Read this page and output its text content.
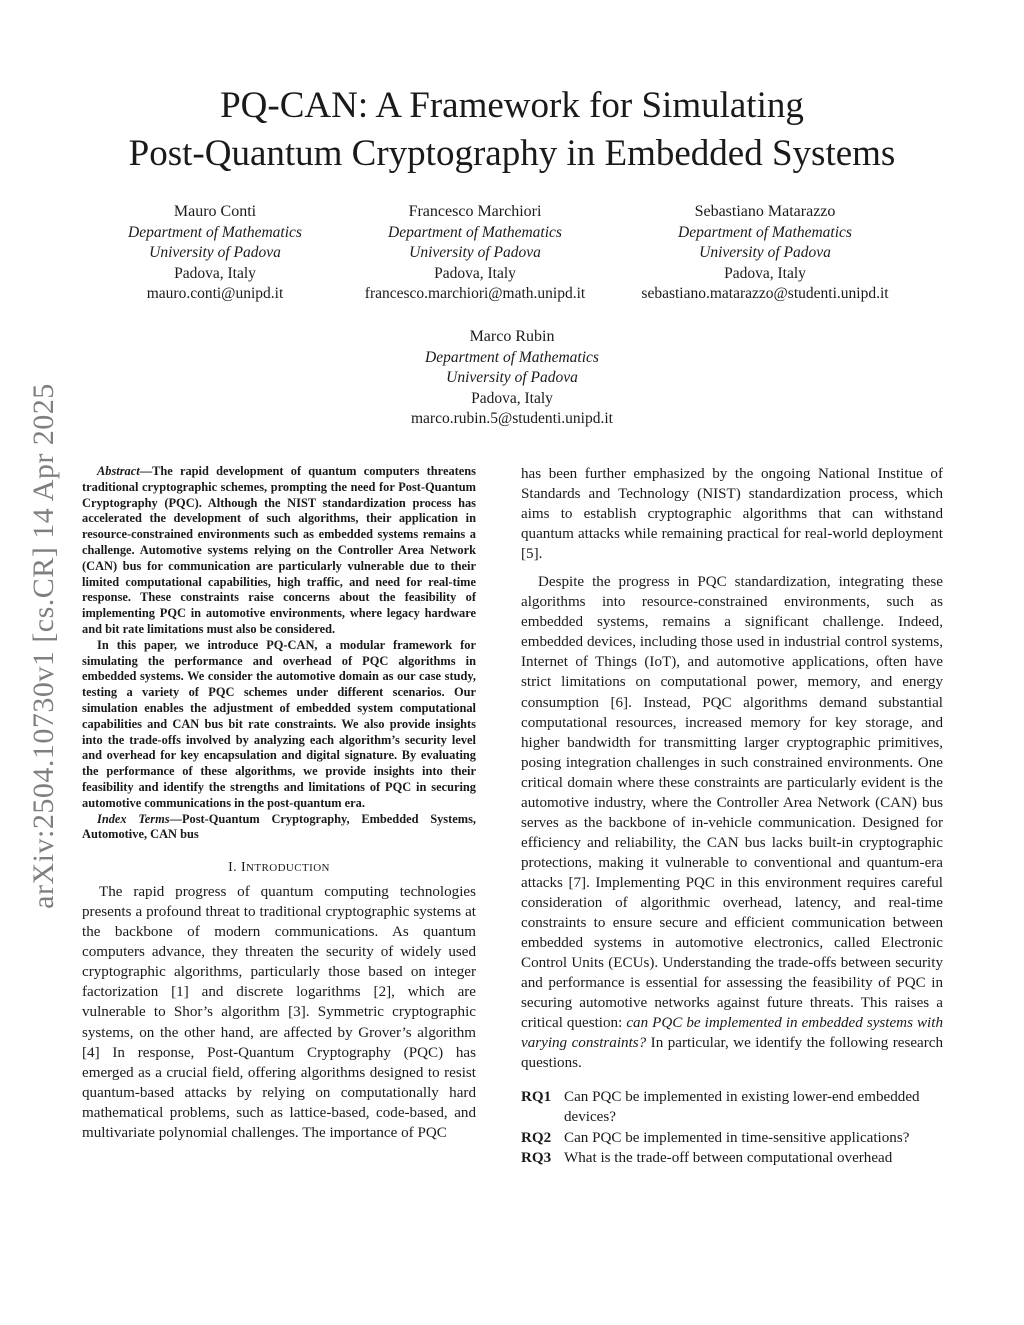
arXiv:2504.10730v1 [cs.CR] 14 Apr 2025
PQ-CAN: A Framework for Simulating
Post-Quantum Cryptography in Embedded Systems
Mauro Conti
Department of Mathematics
University of Padova
Padova, Italy
mauro.conti@unipd.it
Francesco Marchiori
Department of Mathematics
University of Padova
Padova, Italy
francesco.marchiori@math.unipd.it
Sebastiano Matarazzo
Department of Mathematics
University of Padova
Padova, Italy
sebastiano.matarazzo@studenti.unipd.it
Marco Rubin
Department of Mathematics
University of Padova
Padova, Italy
marco.rubin.5@studenti.unipd.it

Abstract—The rapid development of quantum computers threatens traditional cryptographic schemes, prompting the need for Post-Quantum Cryptography (PQC). Although the NIST standardization process has accelerated the development of such algorithms, their application in resource-constrained environments such as embedded systems remains a challenge. Automotive systems relying on the Controller Area Network (CAN) bus for communication are particularly vulnerable due to their limited computational capabilities, high traffic, and need for real-time response. These constraints raise concerns about the feasibility of implementing PQC in automotive environments, where legacy hardware and bit rate limitations must also be considered.

In this paper, we introduce PQ-CAN, a modular framework for simulating the performance and overhead of PQC algorithms in embedded systems. We consider the automotive domain as our case study, testing a variety of PQC schemes under different scenarios. Our simulation enables the adjustment of embedded system computational capabilities and CAN bus bit rate constraints. We also provide insights into the trade-offs involved by analyzing each algorithm’s security level and overhead for key encapsulation and digital signature. By evaluating the performance of these algorithms, we provide insights into their feasibility and identify the strengths and limitations of PQC in securing automotive communications in the post-quantum era.

Index Terms—Post-Quantum Cryptography, Embedded Systems, Automotive, CAN bus

I. INTRODUCTION

The rapid progress of quantum computing technologies presents a profound threat to traditional cryptographic systems at the backbone of modern communications. As quantum computers advance, they threaten the security of widely used cryptographic algorithms, particularly those based on integer factorization [1] and discrete logarithms [2], which are vulnerable to Shor’s algorithm [3]. Symmetric cryptographic systems, on the other hand, are affected by Grover’s algorithm [4] In response, Post-Quantum Cryptography (PQC) has emerged as a crucial field, offering algorithms designed to resist quantum-based attacks by relying on computationally hard mathematical problems, such as lattice-based, code-based, and multivariate polynomial challenges. The importance of PQC

has been further emphasized by the ongoing National Institue of Standards and Technology (NIST) standardization process, which aims to establish cryptographic algorithms that can withstand quantum attacks while remaining practical for real-world deployment [5].

Despite the progress in PQC standardization, integrating these algorithms into resource-constrained environments, such as embedded systems, remains a significant challenge. Indeed, embedded devices, including those used in industrial control systems, Internet of Things (IoT), and automotive applications, often have strict limitations on computational power, memory, and energy consumption [6]. Instead, PQC algorithms demand substantial computational resources, increased memory for key storage, and higher bandwidth for transmitting larger cryptographic primitives, posing integration challenges in such constrained environments. One critical domain where these constraints are particularly evident is the automotive industry, where the Controller Area Network (CAN) bus serves as the backbone of in-vehicle communication. Designed for efficiency and reliability, the CAN bus lacks built-in cryptographic protections, making it vulnerable to conventional and quantum-era attacks [7]. Implementing PQC in this environment requires careful consideration of algorithmic overhead, latency, and real-time constraints to ensure secure and efficient communication between embedded systems in automotive electronics, called Electronic Control Units (ECUs). Understanding the trade-offs between security and performance is essential for assessing the feasibility of PQC in securing automotive networks against future threats. This raises a critical question: can PQC be implemented in embedded systems with varying constraints? In particular, we identify the following research questions.

RQ1 Can PQC be implemented in existing lower-end embedded devices?
RQ2 Can PQC be implemented in time-sensitive applications?
RQ3 What is the trade-off between computational overhead
